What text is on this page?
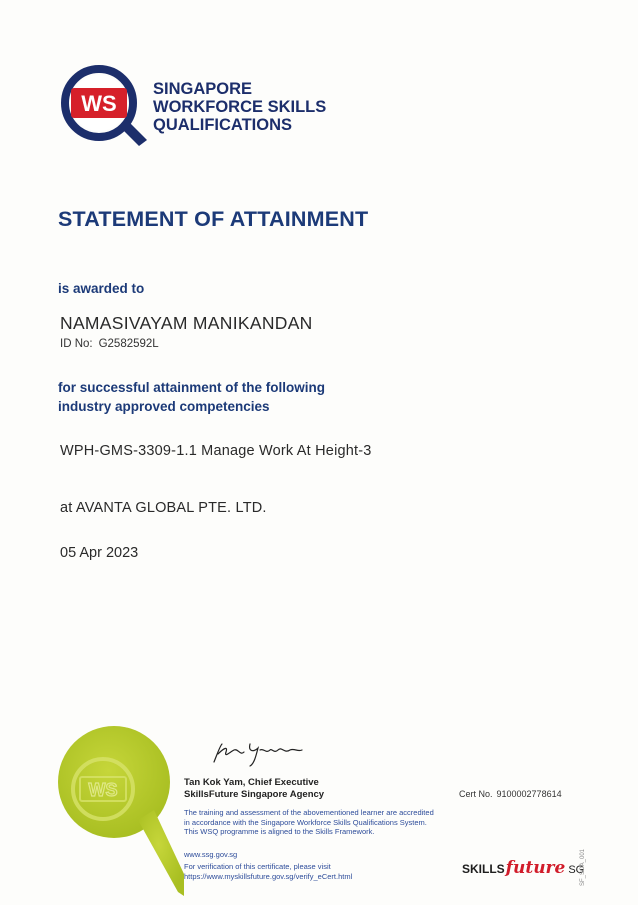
WS
SINGAPORE
WORKFORCE SKILLS
QUALIFICATIONS
STATEMENT OF ATTAINMENT
is awarded to
NAMASIVAYAM MANIKANDAN
ID No: G2582592L
for successful attainment of the following
industry approved competencies
WPH-GMS-3309-1.1 Manage Work At Height-3
at AVANTA GLOBAL PTE. LTD.
05 Apr 2023
WS	Tan Kok Yam, Chief Executive
SkillsFuture Singapore Agency
The training and assessment of the abovementioned learner are accredited
in accordance with the Singapore Workforce Skills Qualifications System.
This WSQ programme is aligned to the Skills Framework.
www.ssg.gov.sg
For verification of this certificate, please visit
https://www.myskillsfuture.gov.sg/verify_eCert.html
Cert No. 9100002778614
SKILLSfuture SG
SF_SOA_001
